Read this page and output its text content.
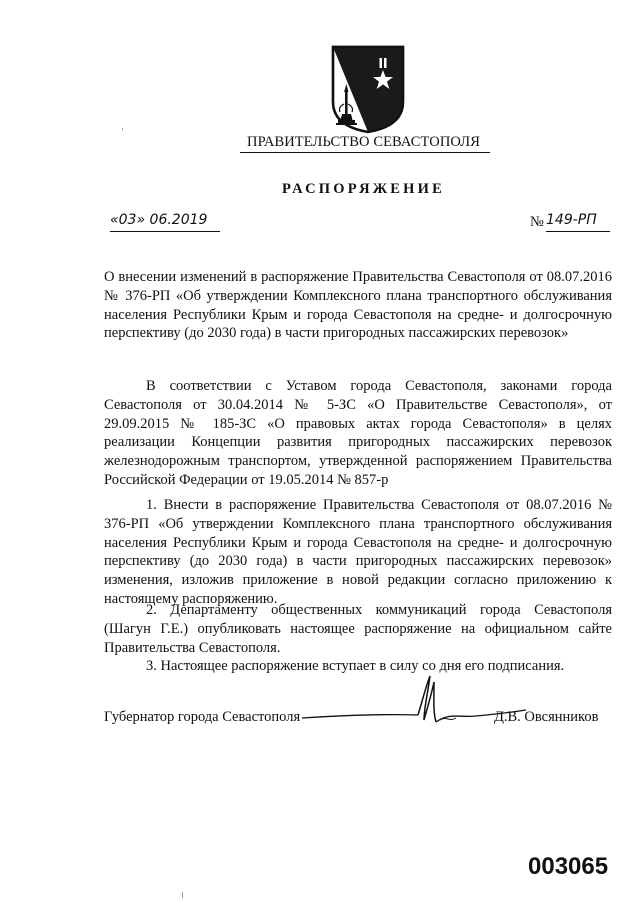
ПРАВИТЕЛЬСТВО СЕВАСТОПОЛЯ
РАСПОРЯЖЕНИЕ
«03» 06.2019	№ 149-РП

О внесении изменений в распоряжение Правительства Севастополя от 08.07.2016 № 376-РП «Об утверждении Комплексного плана транспортного обслуживания населения Республики Крым и города Севастополя на средне- и долгосрочную перспективу (до 2030 года) в части пригородных пассажирских перевозок»

В соответствии с Уставом города Севастополя, законами города Севастополя от 30.04.2014 № 5-ЗС «О Правительстве Севастополя», от 29.09.2015 № 185-ЗС «О правовых актах города Севастополя» в целях реализации Концепции развития пригородных пассажирских перевозок железнодорожным транспортом, утвержденной распоряжением Правительства Российской Федерации от 19.05.2014 № 857-р

1. Внести в распоряжение Правительства Севастополя от 08.07.2016 № 376-РП «Об утверждении Комплексного плана транспортного обслуживания населения Республики Крым и города Севастополя на средне- и долгосрочную перспективу (до 2030 года) в части пригородных пассажирских перевозок» изменения, изложив приложение в новой редакции согласно приложению к настоящему распоряжению.

2. Департаменту общественных коммуникаций города Севастополя (Шагун Г.Е.) опубликовать настоящее распоряжение на официальном сайте Правительства Севастополя.

3. Настоящее распоряжение вступает в силу со дня его подписания.

Губернатор города Севастополя	Д.В. Овсянников
003065
